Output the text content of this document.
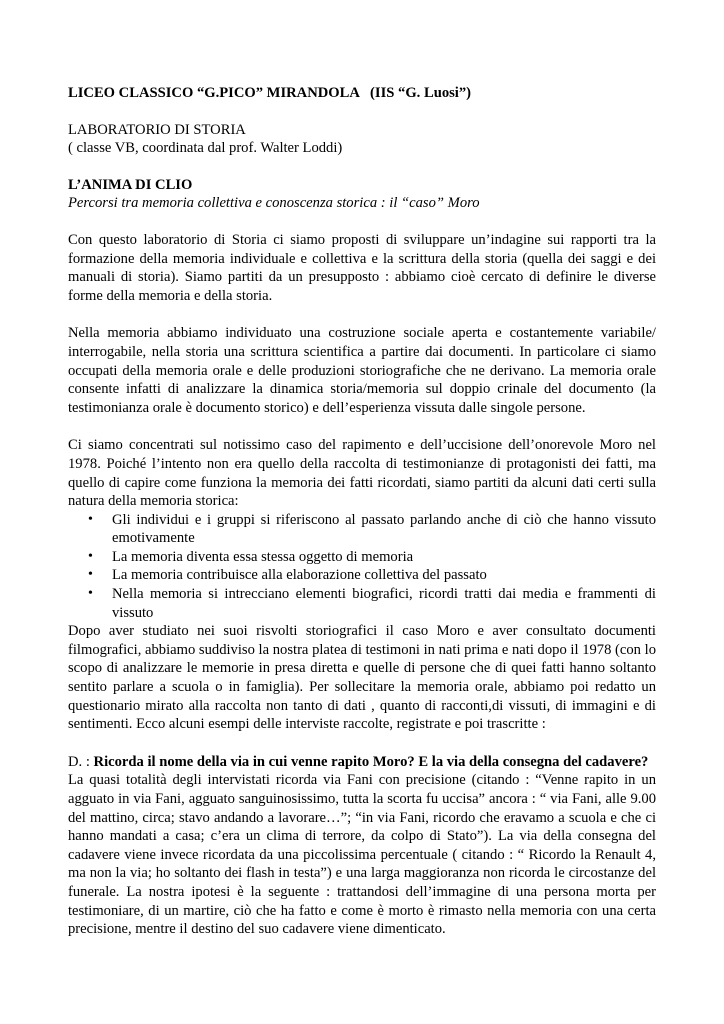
LICEO CLASSICO “G.PICO” MIRANDOLA   (IIS “G. Luosi”)

LABORATORIO DI STORIA

( classe VB, coordinata dal prof. Walter Loddi)

L’ANIMA DI CLIO

Percorsi tra memoria collettiva e conoscenza storica : il “caso” Moro

Con questo laboratorio di Storia ci siamo proposti di sviluppare un’indagine sui rapporti tra la formazione della memoria individuale e collettiva e la scrittura della storia (quella dei saggi e dei manuali di storia). Siamo partiti da un presupposto : abbiamo cioè cercato di definire le diverse forme della memoria e della storia.

Nella memoria abbiamo individuato una costruzione sociale aperta e costantemente variabile/ interrogabile, nella storia una scrittura scientifica a partire dai documenti. In particolare ci siamo occupati della memoria orale e delle produzioni storiografiche che ne derivano. La memoria orale consente infatti di analizzare la dinamica storia/memoria sul doppio crinale del documento (la testimonianza orale è documento storico) e dell’esperienza vissuta dalle singole persone.

Ci siamo concentrati sul notissimo caso del rapimento e dell’uccisione dell’onorevole Moro nel 1978. Poiché l’intento non era quello della raccolta di testimonianze di protagonisti dei fatti, ma quello di capire come funziona la memoria dei fatti ricordati, siamo partiti da alcuni dati certi sulla natura della memoria storica:

• Gli individui e i gruppi si riferiscono al passato parlando anche di ciò che hanno vissuto emotivamente
• La memoria diventa essa stessa oggetto di memoria
• La memoria contribuisce alla elaborazione collettiva del passato
• Nella memoria si intrecciano elementi biografici, ricordi tratti dai media e frammenti di vissuto

Dopo aver studiato nei suoi risvolti storiografici il caso Moro e aver consultato documenti filmografici, abbiamo suddiviso la nostra platea di testimoni in nati prima e nati dopo il 1978 (con lo scopo di analizzare le memorie in presa diretta e quelle di persone che di quei fatti hanno soltanto sentito parlare a scuola o in famiglia). Per sollecitare la memoria orale, abbiamo poi redatto un questionario mirato alla raccolta non tanto di dati , quanto di racconti,di vissuti, di immagini e di sentimenti. Ecco alcuni esempi delle interviste raccolte, registrate e poi trascritte :

D. : Ricorda il nome della via in cui venne rapito Moro? E la via della consegna del cadavere?

La quasi totalità degli intervistati ricorda via Fani con precisione (citando : “Venne rapito in un agguato in via Fani, agguato sanguinosissimo, tutta la scorta fu uccisa” ancora : “ via Fani, alle 9.00 del mattino, circa; stavo andando a lavorare…”; “in via Fani, ricordo che eravamo a scuola e che ci hanno mandati a casa; c’era un clima di terrore, da colpo di Stato”). La via della consegna del cadavere viene invece ricordata da una piccolissima percentuale ( citando : “ Ricordo la Renault 4, ma non la via; ho soltanto dei flash in testa”) e una larga maggioranza non ricorda le circostanze del funerale. La nostra ipotesi è la seguente : trattandosi dell’immagine di una persona morta per testimoniare, di un martire, ciò che ha fatto e come è morto è rimasto nella memoria con una certa precisione, mentre il destino del suo cadavere viene dimenticato.
